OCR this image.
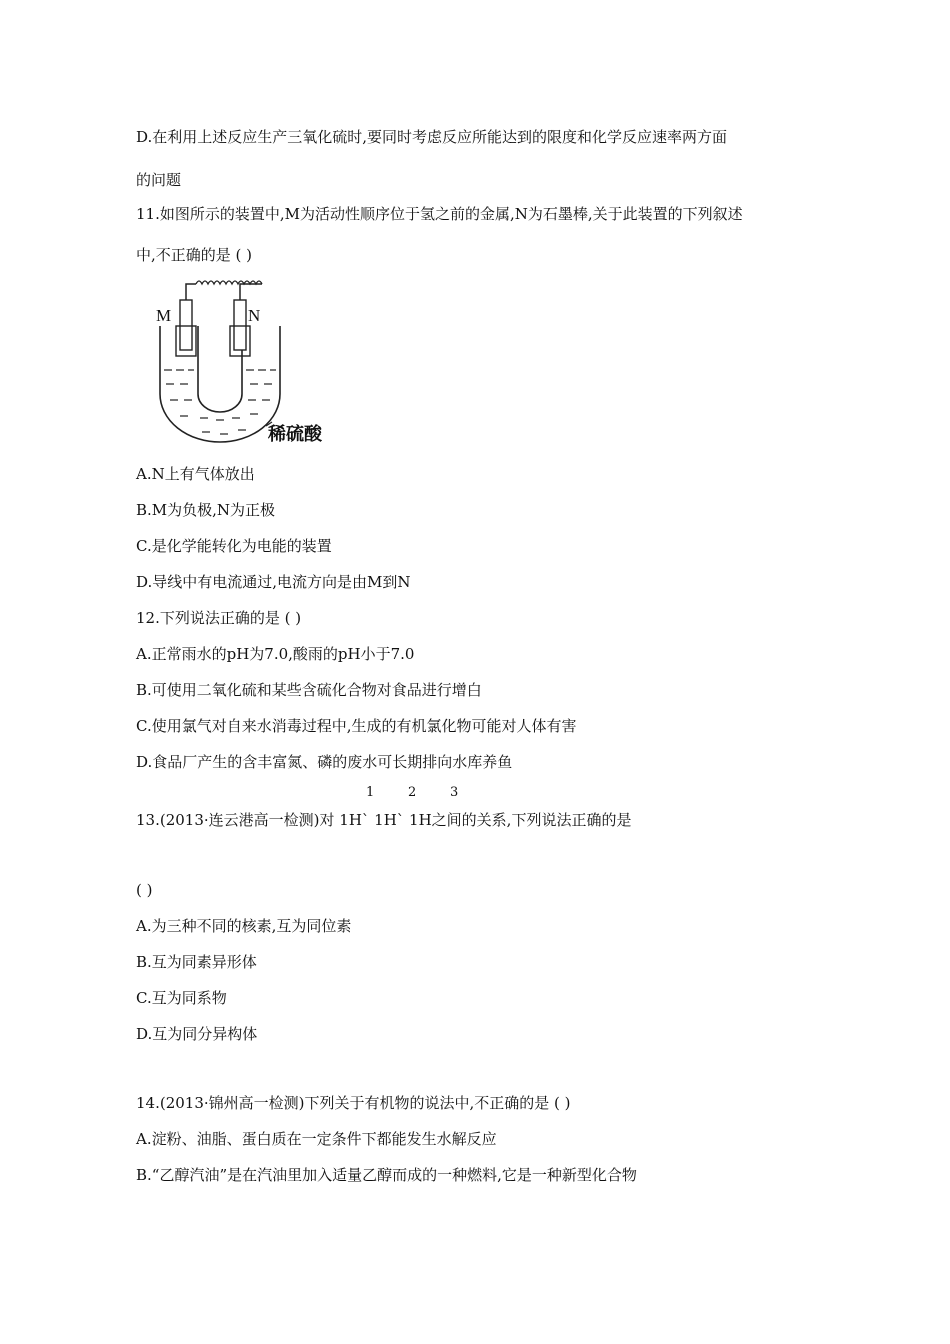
D.在利用上述反应生产三氧化硫时,要同时考虑反应所能达到的限度和化学反应速率两方面
的问题
11.如图所示的装置中,M为活动性顺序位于氢之前的金属,N为石墨棒,关于此装置的下列叙述
中,不正确的是 ( )
M	N
稀硫酸
A.N上有气体放出
B.M为负极,N为正极
C.是化学能转化为电能的装置
D.导线中有电流通过,电流方向是由M到N
12.下列说法正确的是 ( )
A.正常雨水的pH为7.0,酸雨的pH小于7.0
B.可使用二氧化硫和某些含硫化合物对食品进行增白
C.使用氯气对自来水消毒过程中,生成的有机氯化物可能对人体有害
D.食品厂产生的含丰富氮、磷的废水可长期排向水库养鱼
1	2	3
13.(2013·连云港高一检测)对 1H` 1H` 1H之间的关系,下列说法正确的是
( )
A.为三种不同的核素,互为同位素
B.互为同素异形体
C.互为同系物
D.互为同分异构体
14.(2013·锦州高一检测)下列关于有机物的说法中,不正确的是 ( )
A.淀粉、油脂、蛋白质在一定条件下都能发生水解反应
B.“乙醇汽油”是在汽油里加入适量乙醇而成的一种燃料,它是一种新型化合物
